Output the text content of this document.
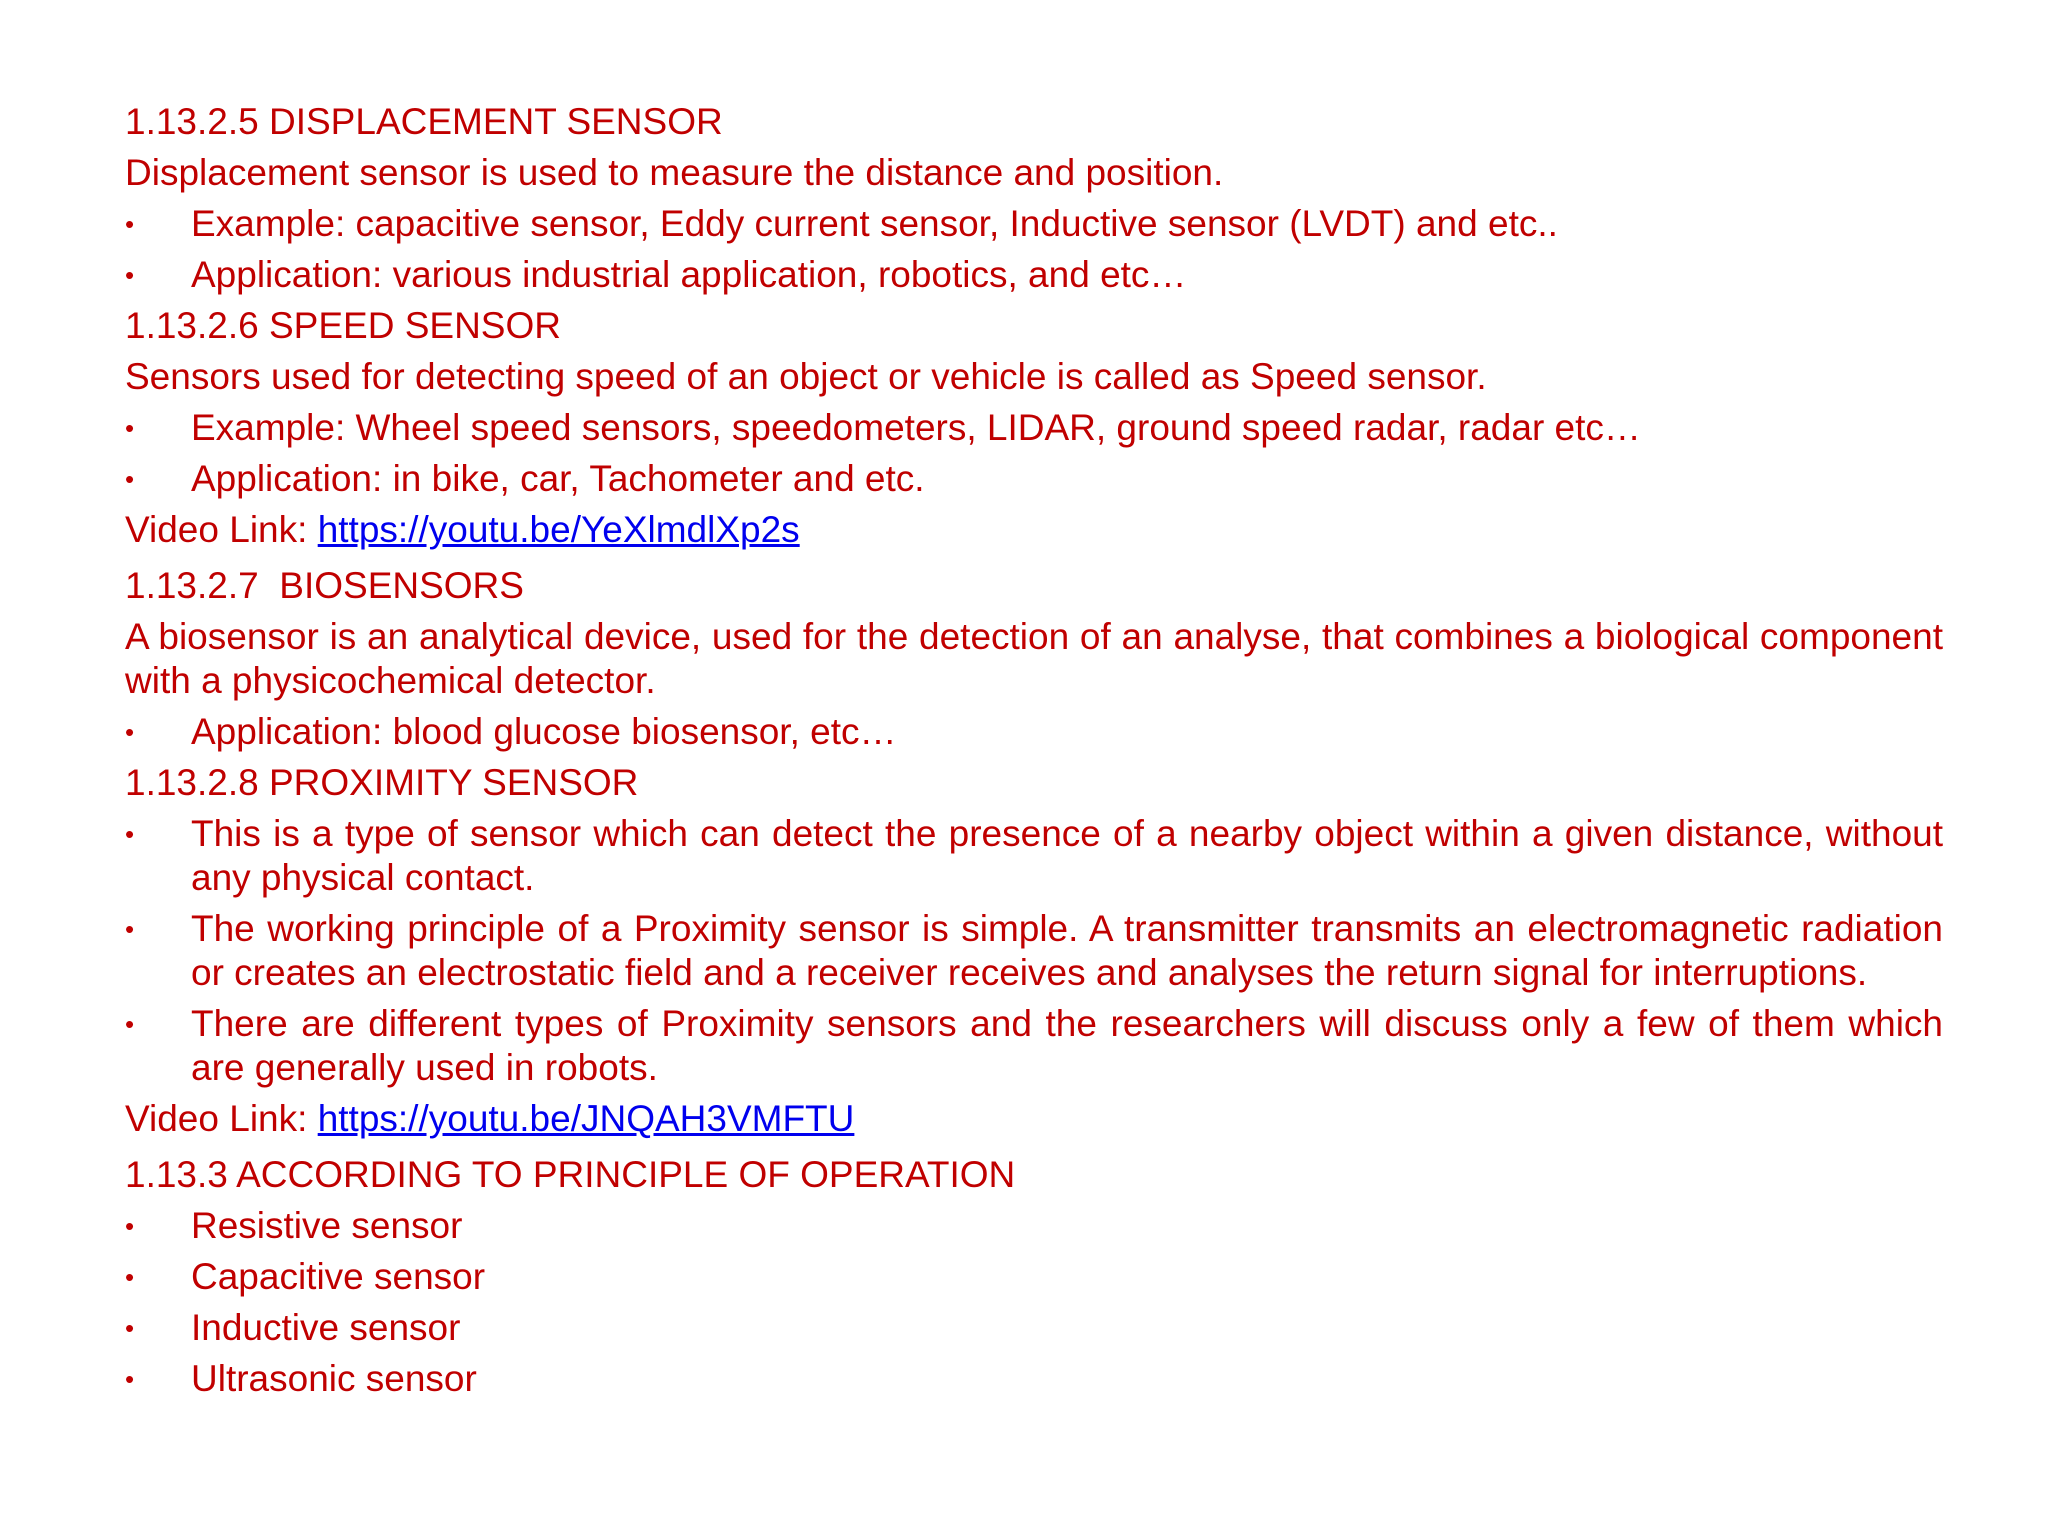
1.13.2.5 DISPLACEMENT SENSOR

Displacement sensor is used to measure the distance and position.

• Example: capacitive sensor, Eddy current sensor, Inductive sensor (LVDT) and etc..
• Application: various industrial application, robotics, and etc…

1.13.2.6 SPEED SENSOR

Sensors used for detecting speed of an object or vehicle is called as Speed sensor.

• Example: Wheel speed sensors, speedometers, LIDAR, ground speed radar, radar etc…
• Application: in bike, car, Tachometer and etc.

Video Link: https://youtu.be/YeXlmdlXp2s

1.13.2.7  BIOSENSORS

A biosensor is an analytical device, used for the detection of an analyse, that combines a biological component with a physicochemical detector.

• Application: blood glucose biosensor, etc…

1.13.2.8 PROXIMITY SENSOR

• This is a type of sensor which can detect the presence of a nearby object within a given distance, without any physical contact.
• The working principle of a Proximity sensor is simple. A transmitter transmits an electromagnetic radiation or creates an electrostatic field and a receiver receives and analyses the return signal for interruptions.
• There are different types of Proximity sensors and the researchers will discuss only a few of them which are generally used in robots.

Video Link: https://youtu.be/JNQAH3VMFTU

1.13.3 ACCORDING TO PRINCIPLE OF OPERATION

• Resistive sensor
• Capacitive sensor
• Inductive sensor
• Ultrasonic sensor
